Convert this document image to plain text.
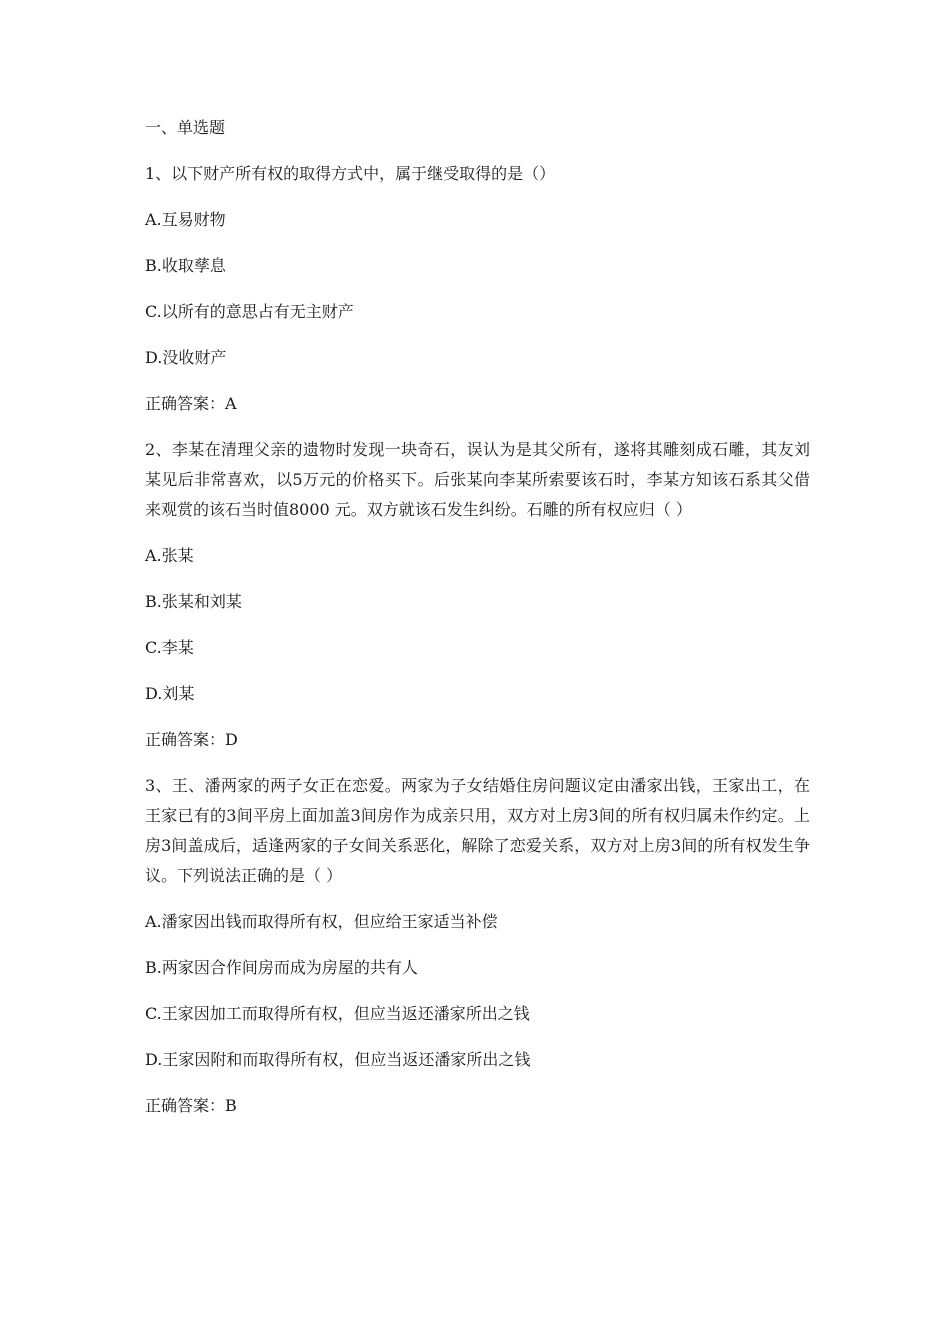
一、单选题
1、以下财产所有权的取得方式中，属于继受取得的是（）
A.互易财物
B.收取孳息
C.以所有的意思占有无主财产
D.没收财产
正确答案：A
2、李某在清理父亲的遗物时发现一块奇石，误认为是其父所有，遂将其雕刻成石雕，其友刘某见后非常喜欢，以5万元的价格买下。后张某向李某所索要该石时，李某方知该石系其父借来观赏的该石当时值8000 元。双方就该石发生纠纷。石雕的所有权应归（ ）
A.张某
B.张某和刘某
C.李某
D.刘某
正确答案：D
3、王、潘两家的两子女正在恋爱。两家为子女结婚住房问题议定由潘家出钱，王家出工，在王家已有的3间平房上面加盖3间房作为成亲只用，双方对上房3间的所有权归属未作约定。上房3间盖成后，适逢两家的子女间关系恶化，解除了恋爱关系，双方对上房3间的所有权发生争议。下列说法正确的是（ ）
A.潘家因出钱而取得所有权，但应给王家适当补偿
B.两家因合作间房而成为房屋的共有人
C.王家因加工而取得所有权，但应当返还潘家所出之钱
D.王家因附和而取得所有权，但应当返还潘家所出之钱
正确答案：B
